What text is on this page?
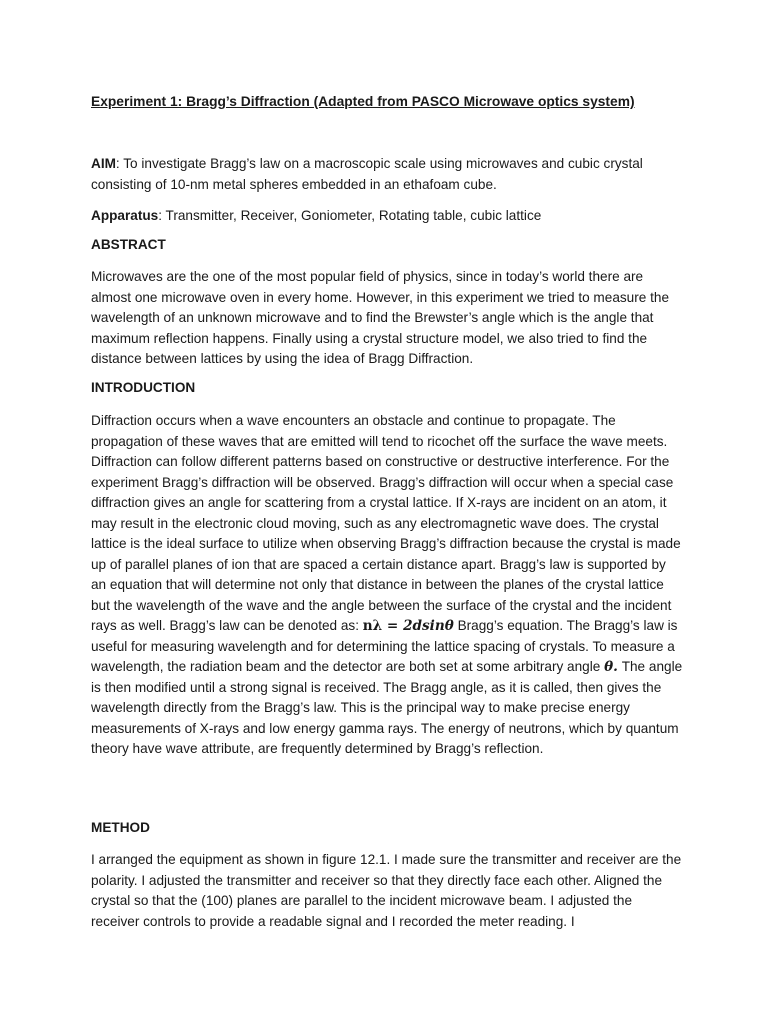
Experiment 1: Bragg’s Diffraction (Adapted from PASCO Microwave optics system)
AIM: To investigate Bragg’s law on a macroscopic scale using microwaves and cubic crystal consisting of 10-nm metal spheres embedded in an ethafoam cube.
Apparatus: Transmitter, Receiver, Goniometer, Rotating table, cubic lattice
ABSTRACT
Microwaves are the one of the most popular field of physics, since in today’s world there are almost one microwave oven in every home. However, in this experiment we tried to measure the wavelength of an unknown microwave and to find the Brewster’s angle which is the angle that maximum reflection happens. Finally using a crystal structure model, we also tried to find the distance between lattices by using the idea of Bragg Diffraction.
INTRODUCTION
Diffraction occurs when a wave encounters an obstacle and continue to propagate. The propagation of these waves that are emitted will tend to ricochet off the surface the wave meets. Diffraction can follow different patterns based on constructive or destructive interference. For the experiment Bragg’s diffraction will be observed. Bragg’s diffraction will occur when a special case diffraction gives an angle for scattering from a crystal lattice. If X-rays are incident on an atom, it may result in the electronic cloud moving, such as any electromagnetic wave does. The crystal lattice is the ideal surface to utilize when observing Bragg’s diffraction because the crystal is made up of parallel planes of ion that are spaced a certain distance apart. Bragg’s law is supported by an equation that will determine not only that distance in between the planes of the crystal lattice but the wavelength of the wave and the angle between the surface of the crystal and the incident rays as well. Bragg’s law can be denoted as: nλ = 2dsinθ Bragg’s equation. The Bragg’s law is useful for measuring wavelength and for determining the lattice spacing of crystals. To measure a wavelength, the radiation beam and the detector are both set at some arbitrary angle θ. The angle is then modified until a strong signal is received. The Bragg angle, as it is called, then gives the wavelength directly from the Bragg’s law. This is the principal way to make precise energy measurements of X-rays and low energy gamma rays. The energy of neutrons, which by quantum theory have wave attribute, are frequently determined by Bragg’s reflection.
METHOD
I arranged the equipment as shown in figure 12.1. I made sure the transmitter and receiver are the polarity. I adjusted the transmitter and receiver so that they directly face each other. Aligned the crystal so that the (100) planes are parallel to the incident microwave beam. I adjusted the receiver controls to provide a readable signal and I recorded the meter reading. I
